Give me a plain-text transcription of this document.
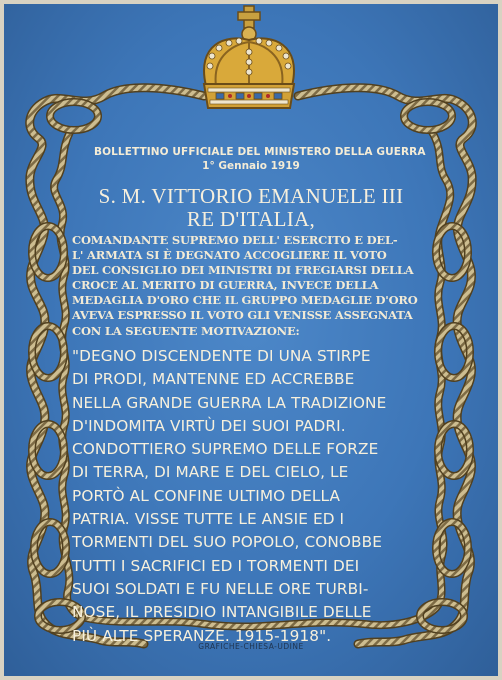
BOLLETTINO UFFICIALE DEL MINISTERO DELLA GUERRA
1° Gennaio 1919
S. M. VITTORIO EMANUELE III
RE D'ITALIA,
COMANDANTE SUPREMO DELL' ESERCITO E DEL-
L' ARMATA SI È DEGNATO ACCOGLIERE IL VOTO
DEL CONSIGLIO DEI MINISTRI DI FREGIARSI DELLA
CROCE AL MERITO DI GUERRA, INVECE DELLA
MEDAGLIA D'ORO CHE IL GRUPPO MEDAGLIE D'ORO
AVEVA ESPRESSO IL VOTO GLI VENISSE ASSEGNATA
CON LA SEGUENTE MOTIVAZIONE:
"DEGNO DISCENDENTE DI UNA STIRPE
DI PRODI, MANTENNE ED ACCREBBE
NELLA GRANDE GUERRA LA TRADIZIONE
D'INDOMITA VIRTÙ DEI SUOI PADRI.
CONDOTTIERO SUPREMO DELLE FORZE
DI TERRA, DI MARE E DEL CIELO, LE
PORTÒ AL CONFINE ULTIMO DELLA
PATRIA. VISSE TUTTE LE ANSIE ED I
TORMENTI DEL SUO POPOLO, CONOBBE
TUTTI I SACRIFICI ED I TORMENTI DEI
SUOI SOLDATI E FU NELLE ORE TURBI-
NOSE, IL PRESIDIO INTANGIBILE DELLE
PIÙ ALTE SPERANZE. 1915-1918".
GRAFICHE-CHIESA-UDINE
